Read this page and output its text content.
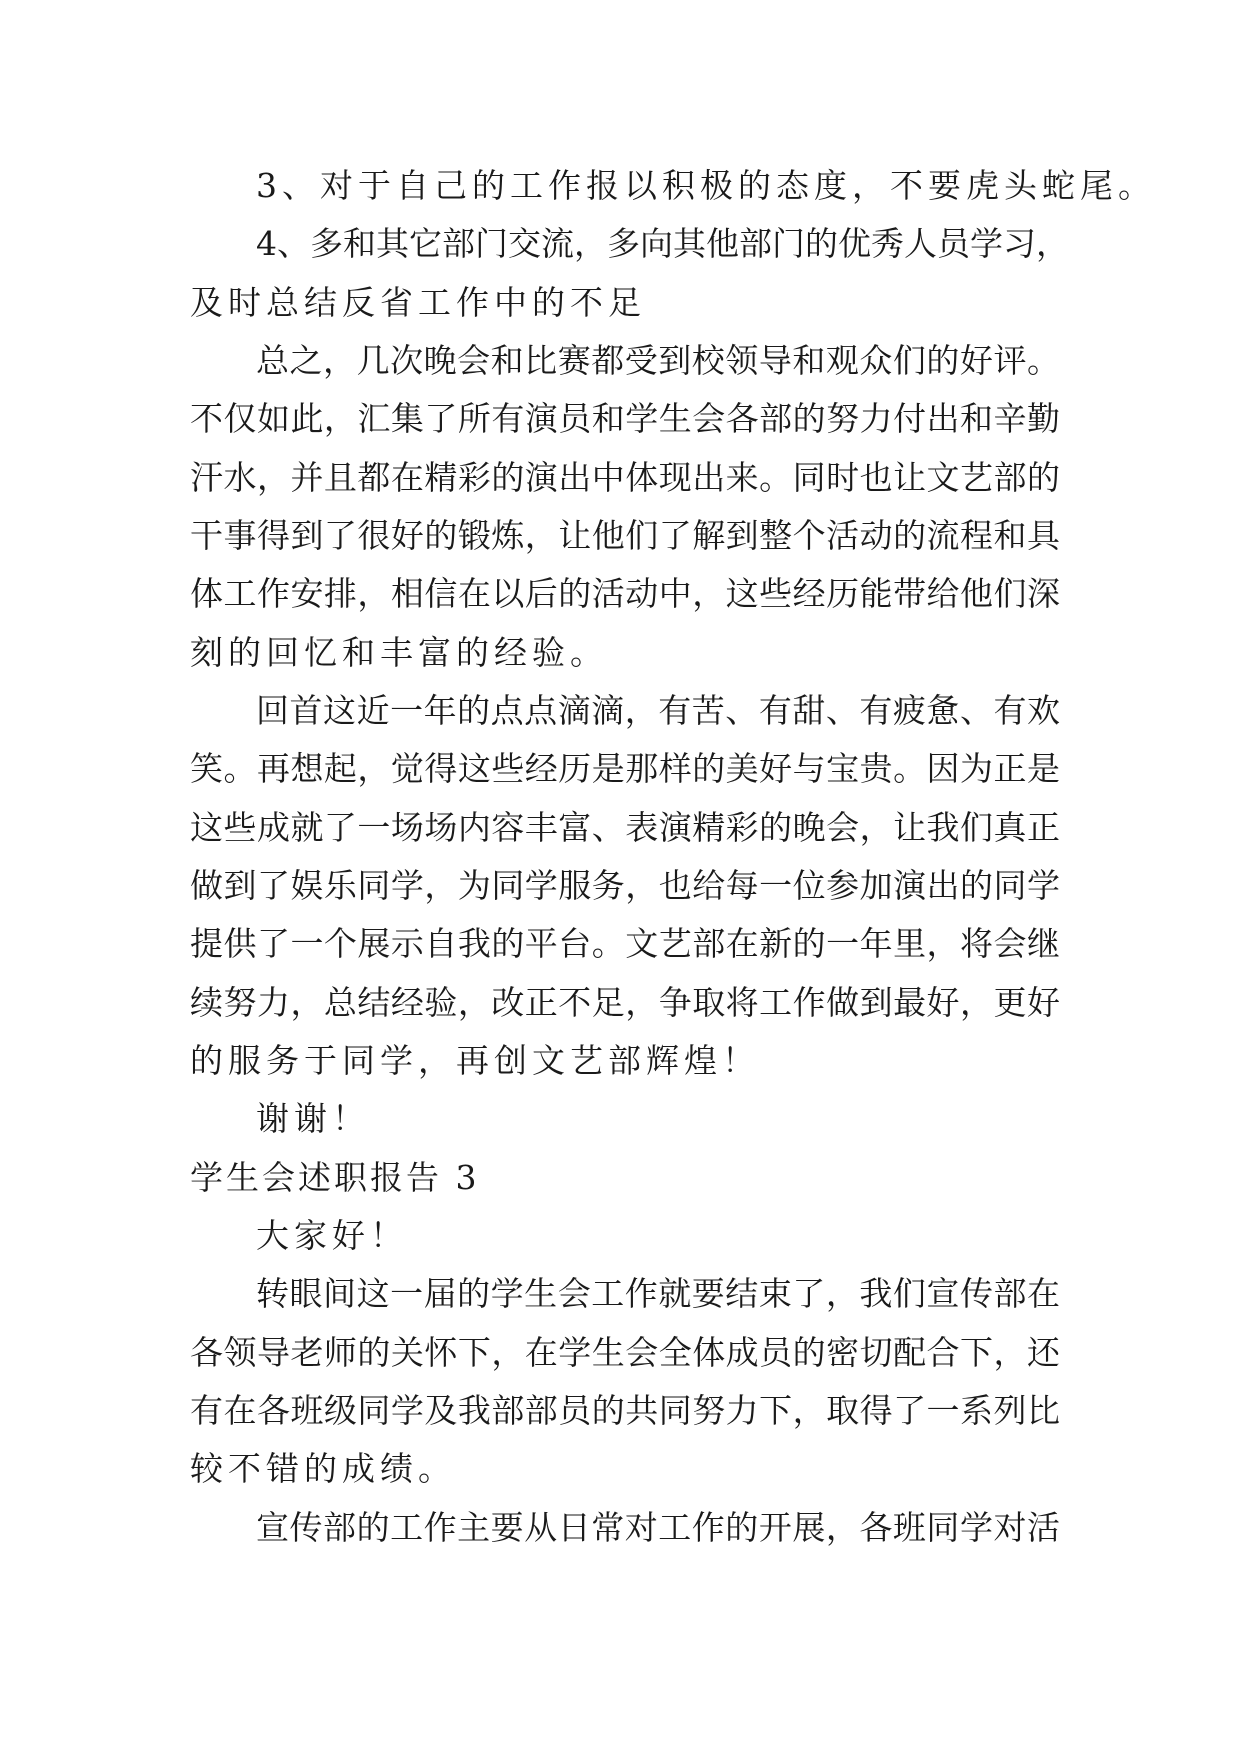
3、对于自己的工作报以积极的态度，不要虎头蛇尾。
4、多和其它部门交流，多向其他部门的优秀人员学习，
及时总结反省工作中的不足
总之，几次晚会和比赛都受到校领导和观众们的好评。
不仅如此，汇集了所有演员和学生会各部的努力付出和辛勤
汗水，并且都在精彩的演出中体现出来。同时也让文艺部的
干事得到了很好的锻炼，让他们了解到整个活动的流程和具
体工作安排，相信在以后的活动中，这些经历能带给他们深
刻的回忆和丰富的经验。
回首这近一年的点点滴滴，有苦、有甜、有疲惫、有欢
笑。再想起，觉得这些经历是那样的美好与宝贵。因为正是
这些成就了一场场内容丰富、表演精彩的晚会，让我们真正
做到了娱乐同学，为同学服务，也给每一位参加演出的同学
提供了一个展示自我的平台。文艺部在新的一年里，将会继
续努力，总结经验，改正不足，争取将工作做到最好，更好
的服务于同学，再创文艺部辉煌！
谢谢！
学生会述职报告 3
大家好！
转眼间这一届的学生会工作就要结束了，我们宣传部在
各领导老师的关怀下，在学生会全体成员的密切配合下，还
有在各班级同学及我部部员的共同努力下，取得了一系列比
较不错的成绩。
宣传部的工作主要从日常对工作的开展，各班同学对活
